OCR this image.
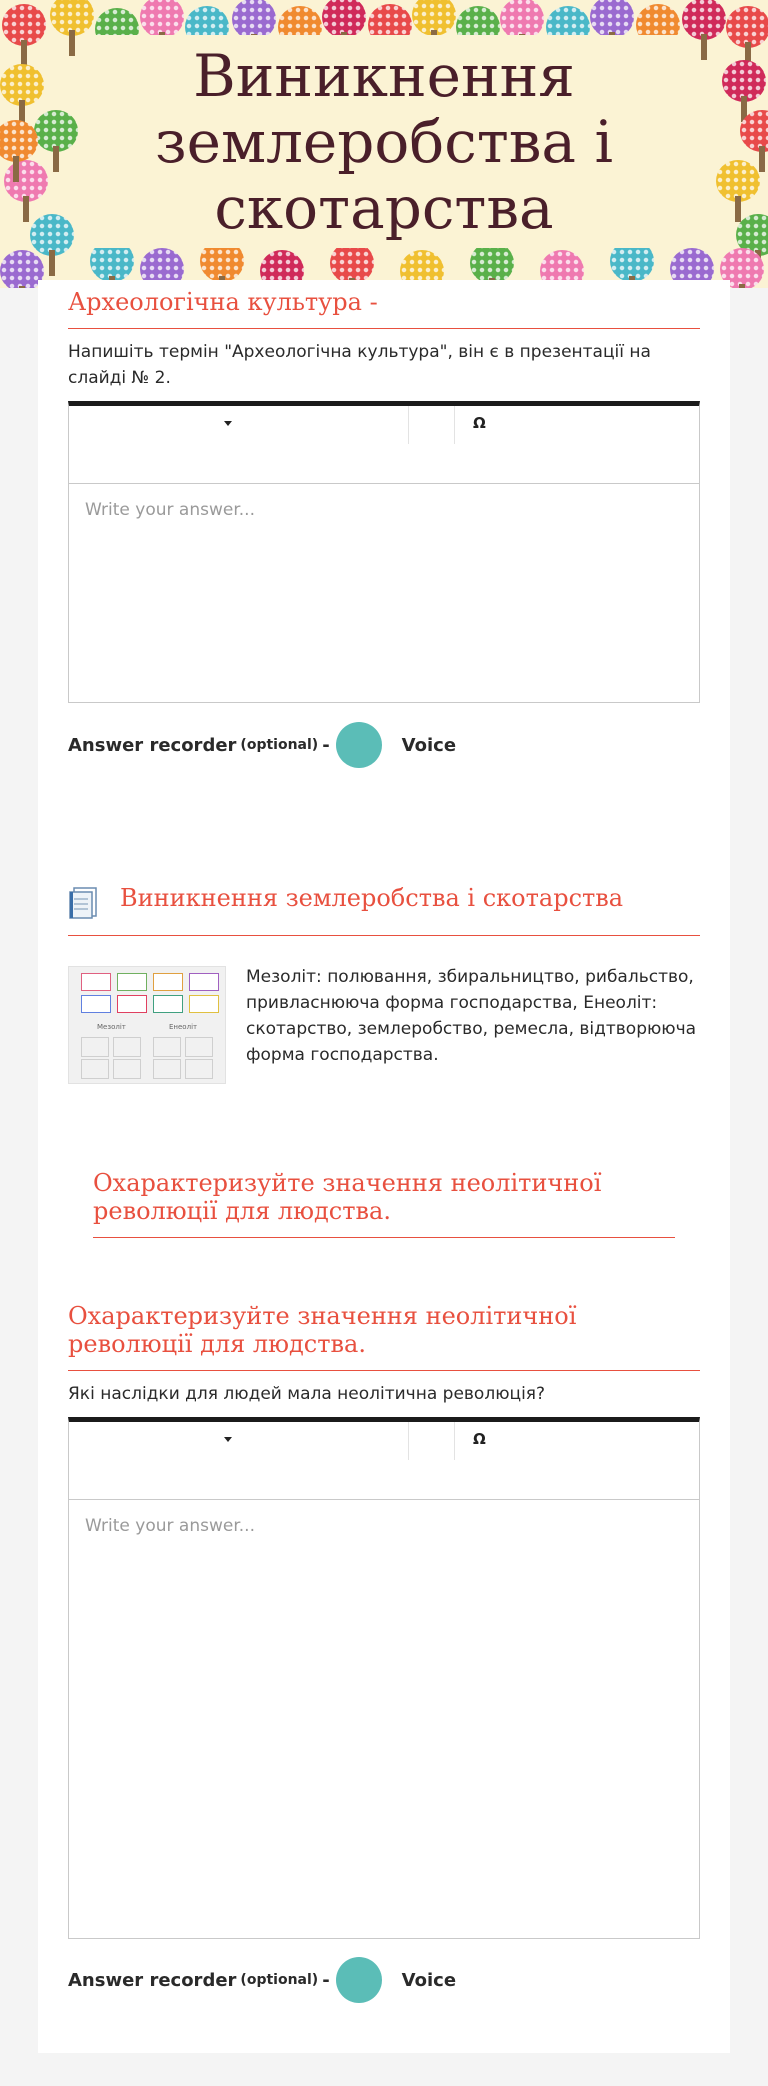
Виникнення землеробства і скотарства
Археологічна культура -
Напишіть термін "Археологічна культура", він є в презентації на слайді № 2.
Ω
Write your answer...
Answer recorder (optional) -	Voice
Виникнення землеробства і скотарства
Мезоліт	Енеоліт
Мезоліт: полювання, збиральництво, рибальство, привласнююча форма господарства, Енеоліт: скотарство, землеробство, ремесла, відтворююча форма господарства.
Охарактеризуйте значення неолітичної революції для людства.
Охарактеризуйте значення неолітичної революції для людства.
Які наслідки для людей мала неолітична революція?
Ω
Write your answer...
Answer recorder (optional) -	Voice
